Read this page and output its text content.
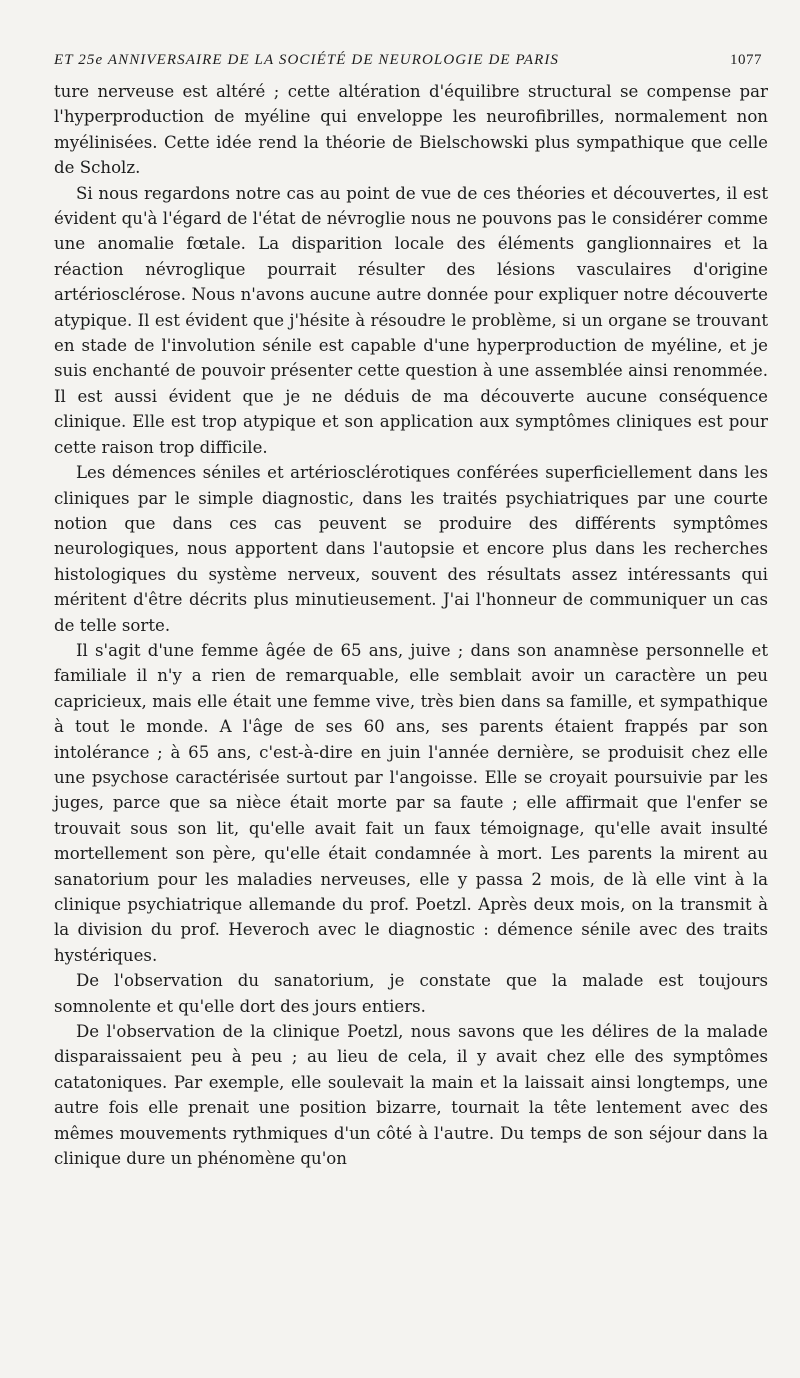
ET 25e ANNIVERSAIRE DE LA SOCIÉTÉ DE NEUROLOGIE DE PARIS	1077

ture nerveuse est altéré ; cette altération d'équilibre structural se compense par l'hyperproduction de myéline qui enveloppe les neurofibrilles, normalement non myélinisées. Cette idée rend la théorie de Bielschowski plus sympathique que celle de Scholz.

Si nous regardons notre cas au point de vue de ces théories et découvertes, il est évident qu'à l'égard de l'état de névroglie nous ne pouvons pas le considérer comme une anomalie fœtale. La disparition locale des éléments ganglionnaires et la réaction névroglique pourrait résulter des lésions vasculaires d'origine artériosclérose. Nous n'avons aucune autre donnée pour expliquer notre découverte atypique. Il est évident que j'hésite à résoudre le problème, si un organe se trouvant en stade de l'involution sénile est capable d'une hyperproduction de myéline, et je suis enchanté de pouvoir présenter cette question à une assemblée ainsi renommée. Il est aussi évident que je ne déduis de ma découverte aucune conséquence clinique. Elle est trop atypique et son application aux symptômes cliniques est pour cette raison trop difficile.

Les démences séniles et artériosclérotiques conférées superficiellement dans les cliniques par le simple diagnostic, dans les traités psychiatriques par une courte notion que dans ces cas peuvent se produire des différents symptômes neurologiques, nous apportent dans l'autopsie et encore plus dans les recherches histologiques du système nerveux, souvent des résultats assez intéressants qui méritent d'être décrits plus minutieusement. J'ai l'honneur de communiquer un cas de telle sorte.

Il s'agit d'une femme âgée de 65 ans, juive ; dans son anamnèse personnelle et familiale il n'y a rien de remarquable, elle semblait avoir un caractère un peu capricieux, mais elle était une femme vive, très bien dans sa famille, et sympathique à tout le monde. A l'âge de ses 60 ans, ses parents étaient frappés par son intolérance ; à 65 ans, c'est-à-dire en juin l'année dernière, se produisit chez elle une psychose caractérisée surtout par l'angoisse. Elle se croyait poursuivie par les juges, parce que sa nièce était morte par sa faute ; elle affirmait que l'enfer se trouvait sous son lit, qu'elle avait fait un faux témoignage, qu'elle avait insulté mortellement son père, qu'elle était condamnée à mort. Les parents la mirent au sanatorium pour les maladies nerveuses, elle y passa 2 mois, de là elle vint à la clinique psychiatrique allemande du prof. Poetzl. Après deux mois, on la transmit à la division du prof. Heveroch avec le diagnostic : démence sénile avec des traits hystériques.

De l'observation du sanatorium, je constate que la malade est toujours somnolente et qu'elle dort des jours entiers.

De l'observation de la clinique Poetzl, nous savons que les délires de la malade disparaissaient peu à peu ; au lieu de cela, il y avait chez elle des symptômes catatoniques. Par exemple, elle soulevait la main et la laissait ainsi longtemps, une autre fois elle prenait une position bizarre, tournait la tête lentement avec des mêmes mouvements rythmiques d'un côté à l'autre. Du temps de son séjour dans la clinique dure un phénomène qu'on
